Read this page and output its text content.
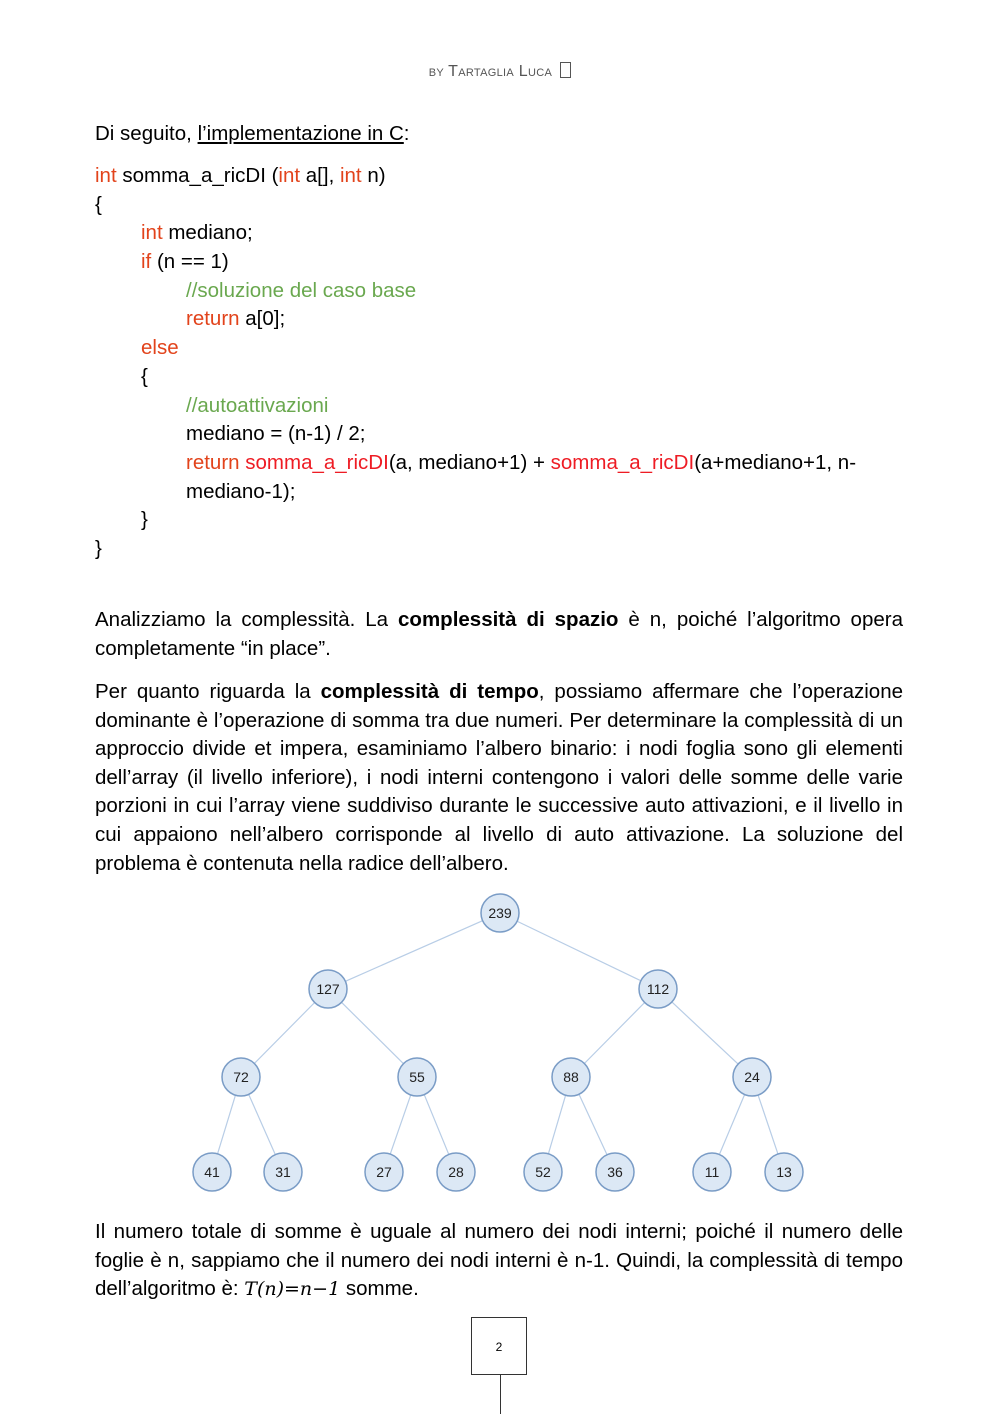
by Tartaglia Luca

Di seguito, l’implementazione in C:

int somma_a_ricDI (int a[], int n)
{
int mediano;
if (n == 1)
//soluzione del caso base
return a[0];
else
{
//autoattivazioni
mediano = (n-1) / 2;
return somma_a_ricDI(a, mediano+1) + somma_a_ricDI(a+mediano+1, n-
mediano-1);
}
}

Analizziamo la complessità. La complessità di spazio è n, poiché l’algoritmo opera completamente “in place”.

Per quanto riguarda la complessità di tempo, possiamo affermare che l’operazione dominante è l’operazione di somma tra due numeri. Per determinare la complessità di un approccio divide et impera, esaminiamo l’albero binario: i nodi foglia sono gli elementi dell’array (il livello inferiore), i nodi interni contengono i valori delle somme delle varie porzioni in cui l’array viene suddiviso durante le successive auto attivazioni, e il livello in cui appaiono nell’albero corrisponde al livello di auto attivazione. La soluzione del problema è contenuta nella radice dell’albero.

239
127	112
72	55	88	24
41	31	27	28	52	36	11	13

Il numero totale di somme è uguale al numero dei nodi interni; poiché il numero delle foglie è n, sappiamo che il numero dei nodi interni è n-1. Quindi, la complessità di tempo dell’algoritmo è: T(n)=n−1 somme.

2
